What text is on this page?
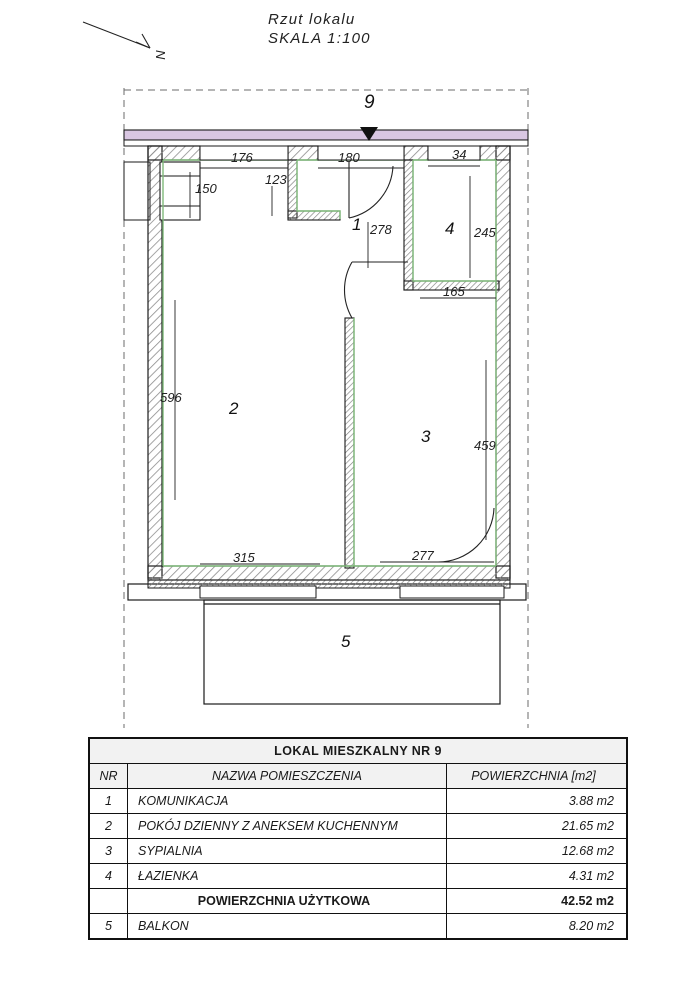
Rzut lokalu
SKALA 1:100
N
9
1
2
3
4
5
176	180	34
150
123
278	245
165
596
459
315	277
LOKAL MIESZKALNY NR 9		
NR	NAZWA POMIESZCZENIA	POWIERZCHNIA [m2]
1	KOMUNIKACJA	3.88 m2
2	POKÓJ DZIENNY Z ANEKSEM KUCHENNYM	21.65 m2
3	SYPIALNIA	12.68 m2
4	ŁAZIENKA	4.31 m2
	POWIERZCHNIA UŻYTKOWA	42.52 m2
5	BALKON	8.20 m2
